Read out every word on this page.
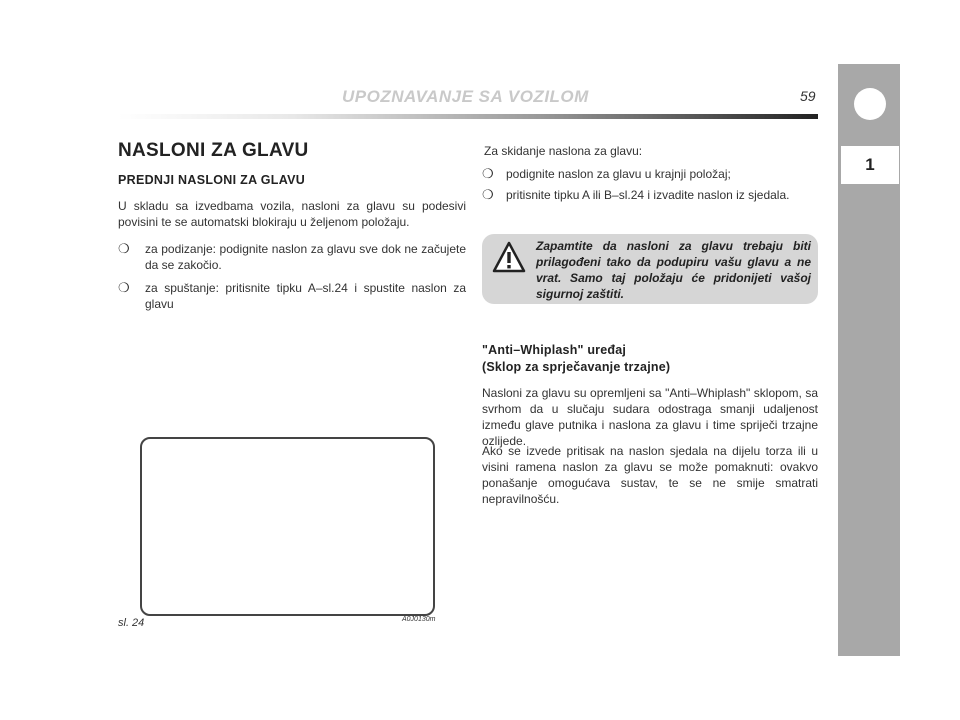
UPOZNAVANJE SA VOZILOM	59
1
NASLONI ZA GLAVU
PREDNJI NASLONI ZA GLAVU
U skladu sa izvedbama vozila, nasloni za glavu su podesivi povisini te se automatski blokiraju u željenom položaju.
❍	za podizanje: podignite naslon za glavu sve dok ne začujete da se zakočio.
❍	za spuštanje: pritisnite tipku A–sl.24 i spustite naslon za glavu
sl. 24	A0J0130m
Za skidanje naslona za glavu:
❍	podignite naslon za glavu u krajnji položaj;
❍	pritisnite tipku A ili B–sl.24 i izvadite naslon iz sjedala.
Zapamtite da nasloni za glavu trebaju biti prilagođeni tako da podupiru vašu glavu a ne vrat. Samo taj položaju će pridonijeti vašoj sigurnoj zaštiti.
"Anti–Whiplash" uređaj
(Sklop za sprječavanje trzajne)
Nasloni za glavu su opremljeni sa "Anti–Whiplash" sklopom, sa svrhom da u slučaju sudara odostraga smanji udaljenost između glave putnika i naslona za glavu i time spriječi trzajne ozlijede.
Ako se izvede pritisak na naslon sjedala na dijelu torza ili u visini ramena naslon za glavu se može pomaknuti: ovakvo ponašanje omogućava sustav, te se ne smije smatrati nepravilnošću.
